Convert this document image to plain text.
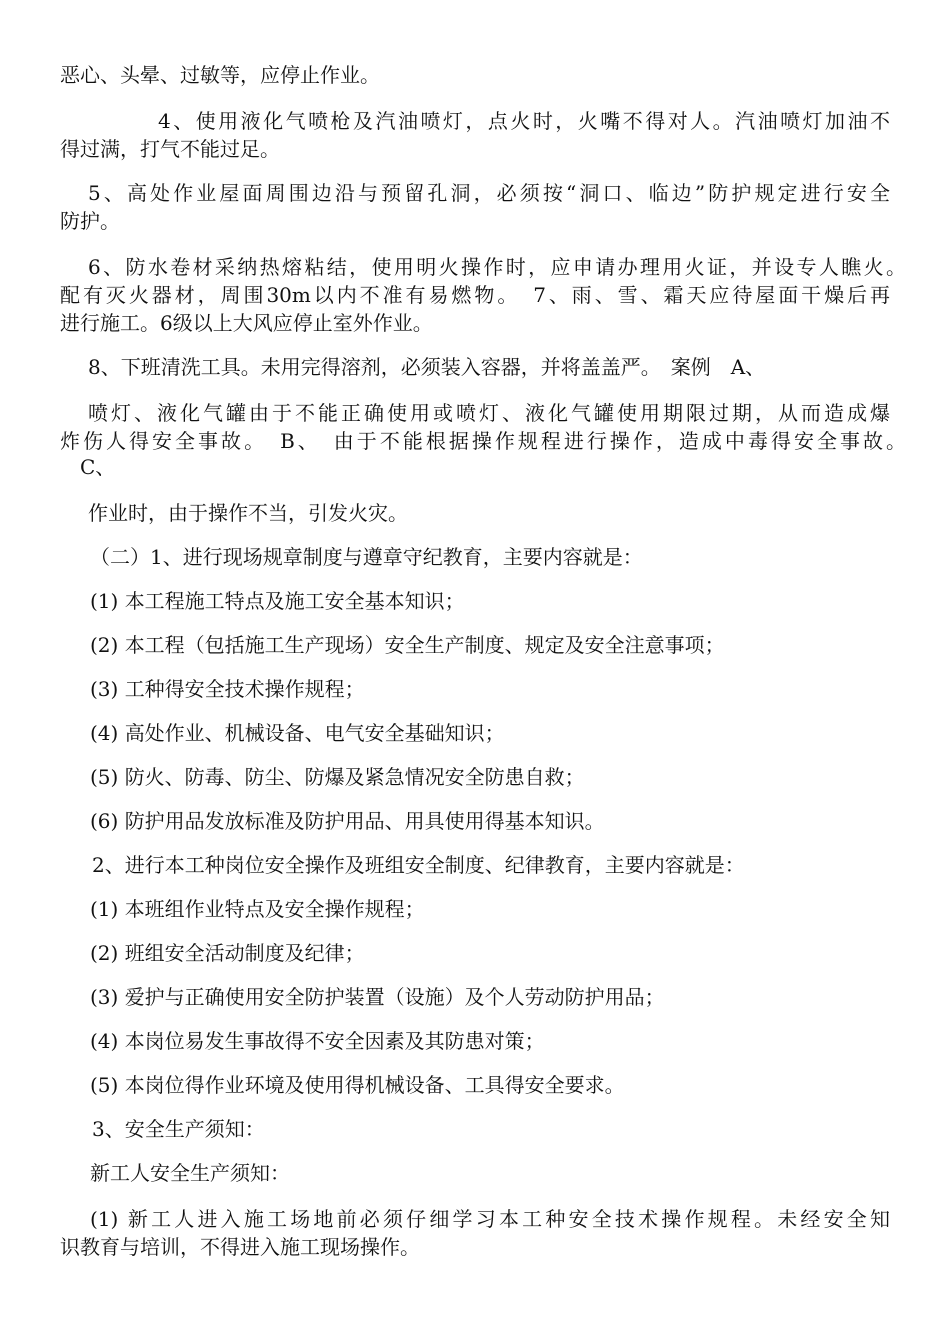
恶心、头晕、过敏等，应停止作业。
4、使用液化气喷枪及汽油喷灯，点火时，火嘴不得对人。汽油喷灯加油不
得过满，打气不能过足。
5、高处作业屋面周围边沿与预留孔洞，必须按“洞口、临边”防护规定进行安全
防护。
6、防水卷材采纳热熔粘结，使用明火操作时，应申请办理用火证，并设专人瞧火。
配有灭火器材，周围30m以内不准有易燃物。　7、雨、雪、霜天应待屋面干燥后再
进行施工。6级以上大风应停止室外作业。
8、下班清洗工具。未用完得溶剂，必须装入容器，并将盖盖严。　案例　A、
喷灯、液化气罐由于不能正确使用或喷灯、液化气罐使用期限过期，从而造成爆
炸伤人得安全事故。　B、　由于不能根据操作规程进行操作，造成中毒得安全事故。
C、
作业时，由于操作不当，引发火灾。
（二）1、进行现场规章制度与遵章守纪教育，主要内容就是：
(1) 本工程施工特点及施工安全基本知识；
(2) 本工程（包括施工生产现场）安全生产制度、规定及安全注意事项；
(3) 工种得安全技术操作规程；
(4) 高处作业、机械设备、电气安全基础知识；
(5) 防火、防毒、防尘、防爆及紧急情况安全防患自救；
(6) 防护用品发放标准及防护用品、用具使用得基本知识。
2、进行本工种岗位安全操作及班组安全制度、纪律教育，主要内容就是：
(1) 本班组作业特点及安全操作规程；
(2) 班组安全活动制度及纪律；
(3) 爱护与正确使用安全防护装置（设施）及个人劳动防护用品；
(4) 本岗位易发生事故得不安全因素及其防患对策；
(5) 本岗位得作业环境及使用得机械设备、工具得安全要求。
3、安全生产须知：
新工人安全生产须知：
(1) 新工人进入施工场地前必须仔细学习本工种安全技术操作规程。未经安全知
识教育与培训，不得进入施工现场操作。
